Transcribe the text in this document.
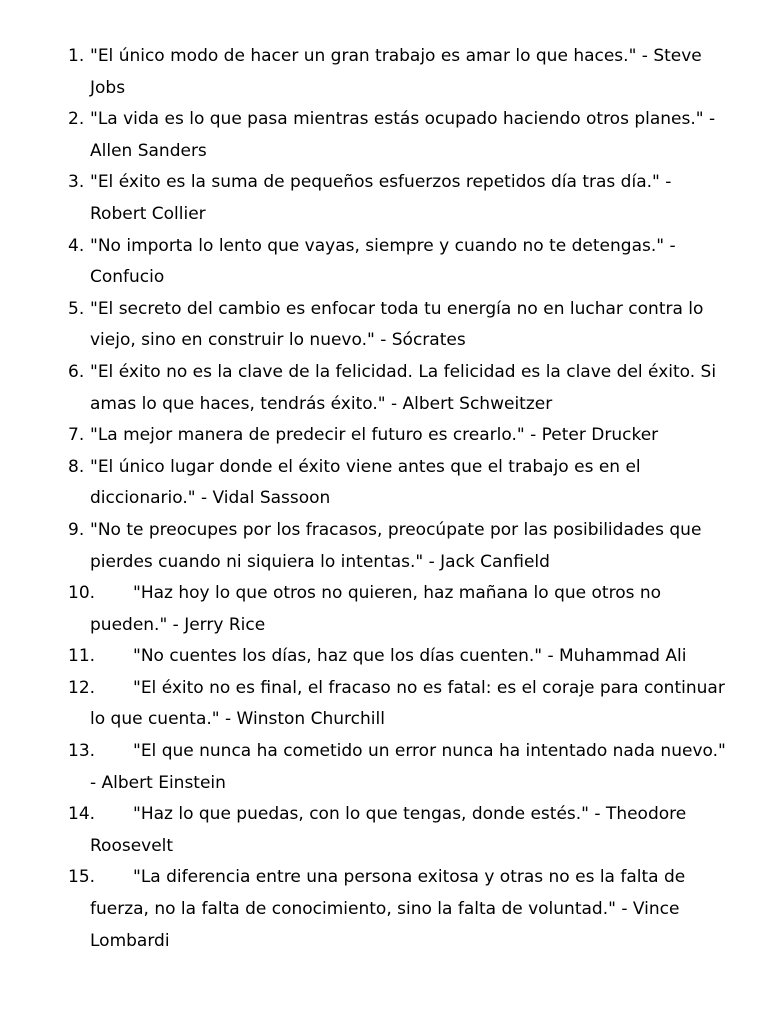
1. "El único modo de hacer un gran trabajo es amar lo que haces." - Steve Jobs
2. "La vida es lo que pasa mientras estás ocupado haciendo otros planes." - Allen Sanders
3. "El éxito es la suma de pequeños esfuerzos repetidos día tras día." - Robert Collier
4. "No importa lo lento que vayas, siempre y cuando no te detengas." - Confucio
5. "El secreto del cambio es enfocar toda tu energía no en luchar contra lo viejo, sino en construir lo nuevo." - Sócrates
6. "El éxito no es la clave de la felicidad. La felicidad es la clave del éxito. Si amas lo que haces, tendrás éxito." - Albert Schweitzer
7. "La mejor manera de predecir el futuro es crearlo." - Peter Drucker
8. "El único lugar donde el éxito viene antes que el trabajo es en el diccionario." - Vidal Sassoon
9. "No te preocupes por los fracasos, preocúpate por las posibilidades que pierdes cuando ni siquiera lo intentas." - Jack Canfield
10.	"Haz hoy lo que otros no quieren, haz mañana lo que otros no pueden." - Jerry Rice
11.	"No cuentes los días, haz que los días cuenten." - Muhammad Ali
12.	"El éxito no es final, el fracaso no es fatal: es el coraje para continuar lo que cuenta." - Winston Churchill
13.	"El que nunca ha cometido un error nunca ha intentado nada nuevo." - Albert Einstein
14.	"Haz lo que puedas, con lo que tengas, donde estés." - Theodore Roosevelt
15.	"La diferencia entre una persona exitosa y otras no es la falta de fuerza, no la falta de conocimiento, sino la falta de voluntad." - Vince Lombardi
